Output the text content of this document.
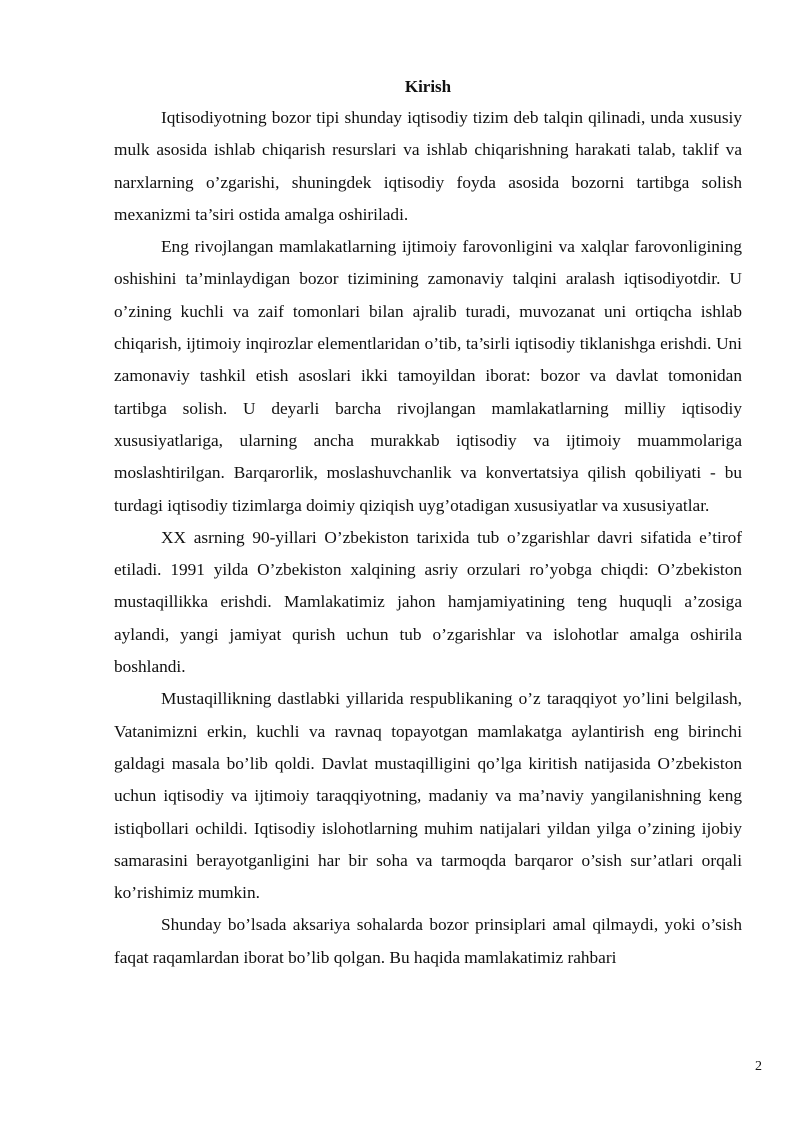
Kirish

Iqtisodiyotning bozor tipi shunday iqtisodiy tizim deb talqin qilinadi, unda xususiy mulk asosida ishlab chiqarish resurslari va ishlab chiqarishning harakati talab, taklif va narxlarning o’zgarishi, shuningdek iqtisodiy foyda asosida bozorni tartibga solish mexanizmi ta’siri ostida amalga oshiriladi.

Eng rivojlangan mamlakatlarning ijtimoiy farovonligini va xalqlar farovonligining oshishini ta’minlaydigan bozor tizimining zamonaviy talqini aralash iqtisodiyotdir. U o’zining kuchli va zaif tomonlari bilan ajralib turadi, muvozanat uni ortiqcha ishlab chiqarish, ijtimoiy inqirozlar elementlaridan o’tib, ta’sirli iqtisodiy tiklanishga erishdi. Uni zamonaviy tashkil etish asoslari ikki tamoyildan iborat: bozor va davlat tomonidan tartibga solish. U deyarli barcha rivojlangan mamlakatlarning milliy iqtisodiy xususiyatlariga, ularning ancha murakkab iqtisodiy va ijtimoiy muammolariga moslashtirilgan. Barqarorlik, moslashuvchanlik va konvertatsiya qilish qobiliyati - bu turdagi iqtisodiy tizimlarga doimiy qiziqish uyg’otadigan xususiyatlar va xususiyatlar.

XX asrning 90-yillari O’zbekiston tarixida tub o’zgarishlar davri sifatida e’tirof etiladi. 1991 yilda O’zbekiston xalqining asriy orzulari ro’yobga chiqdi: O’zbekiston mustaqillikka erishdi. Mamlakatimiz jahon hamjamiyatining teng huquqli a’zosiga aylandi, yangi jamiyat qurish uchun tub o’zgarishlar va islohotlar amalga oshirila boshlandi.

Mustaqillikning dastlabki yillarida respublikaning o’z taraqqiyot yo’lini belgilash, Vatanimizni erkin, kuchli va ravnaq topayotgan mamlakatga aylantirish eng birinchi galdagi masala bo’lib qoldi. Davlat mustaqilligini qo’lga kiritish natijasida O’zbekiston uchun iqtisodiy va ijtimoiy taraqqiyotning, madaniy va ma’naviy yangilanishning keng istiqbollari ochildi. Iqtisodiy islohotlarning muhim natijalari yildan yilga o’zining ijobiy samarasini berayotganligini har bir soha va tarmoqda barqaror o’sish sur’atlari orqali ko’rishimiz mumkin.

Shunday bo’lsada aksariya sohalarda bozor prinsiplari amal qilmaydi, yoki o’sish faqat raqamlardan iborat bo’lib qolgan. Bu haqida mamlakatimiz rahbari

2
